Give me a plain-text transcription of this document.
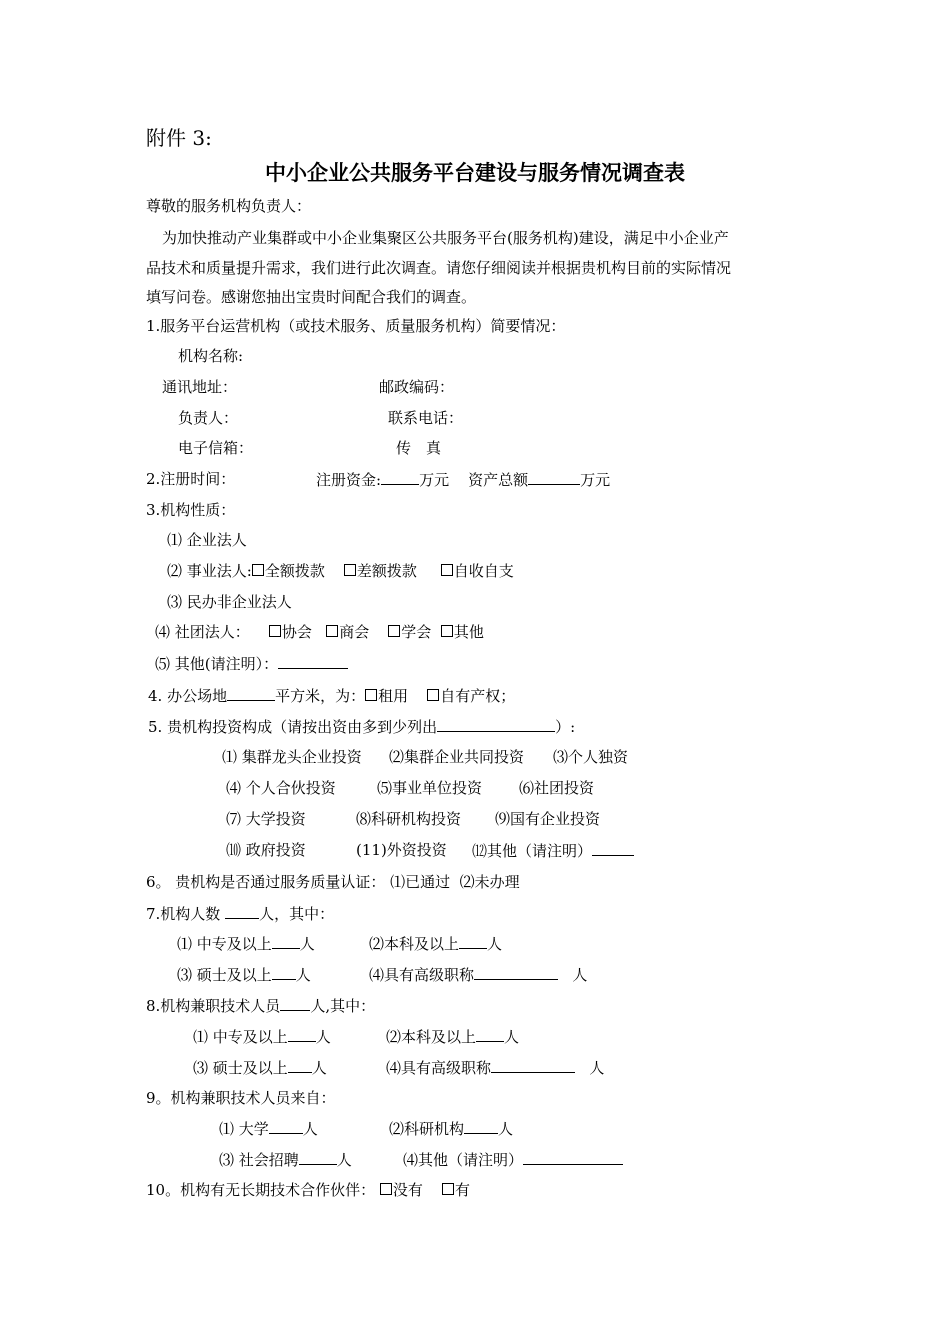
附件 3:
中小企业公共服务平台建设与服务情况调查表
尊敬的服务机构负责人：
为加快推动产业集群或中小企业集聚区公共服务平台(服务机构)建设，满足中小企业产
品技术和质量提升需求，我们进行此次调查。请您仔细阅读并根据贵机构目前的实际情况
填写问卷。感谢您抽出宝贵时间配合我们的调查。
1.服务平台运营机构（或技术服务、质量服务机构）简要情况：
机构名称:
通讯地址：	邮政编码：
负责人：	联系电话：
电子信箱：	传　真
2.注册时间：	注册资金:	万元 资产总额	万元
3.机构性质：
⑴ 企业法人
⑵ 事业法人: 全额拨款 差额拨款 自收自支
⑶ 民办非企业法人
⑷ 社团法人： 协会 商会 学会 其他
⑸ 其他(请注明）：
4. 办公场地	平方米，为： 租用 自有产权；
5. 贵机构投资构成（请按出资由多到少列出	）:
⑴ 集群龙头企业投资 ⑵集群企业共同投资 ⑶个人独资
⑷ 个人合伙投资	⑸事业单位投资 ⑹社团投资
⑺ 大学投资	⑻科研机构投资 ⑼国有企业投资
⑽ 政府投资	(11)外资投资 ⑿其他（请注明）
6。 贵机构是否通过服务质量认证： ⑴已通过 ⑵未办理
7.机构人数	人，其中：
⑴ 中专及以上 人	⑵本科及以上 人
⑶ 硕士及以上 人	⑷具有高级职称	人
8.机构兼职技术人员 人,其中：
⑴ 中专及以上 人	⑵本科及以上 人
⑶ 硕士及以上 人	⑷具有高级职称	人
9。机构兼职技术人员来自：
⑴ 大学 人	⑵科研机构 人
⑶ 社会招聘	人	⑷其他（请注明）
10。机构有无长期技术合作伙伴： 没有 有
